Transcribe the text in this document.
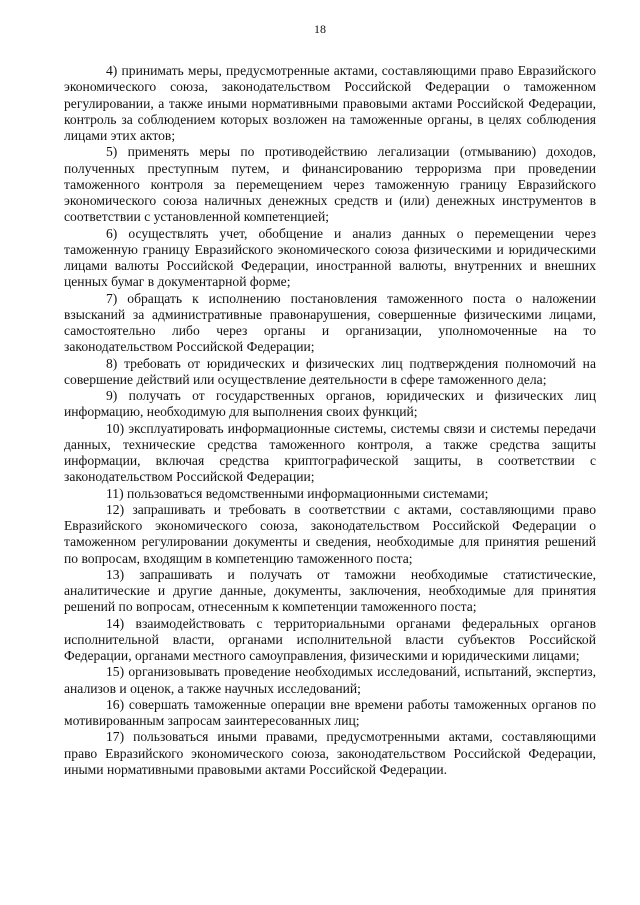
18

4) принимать меры, предусмотренные актами, составляющими право Евразийского экономического союза, законодательством Российской Федерации о таможенном регулировании, а также иными нормативными правовыми актами Российской Федерации, контроль за соблюдением которых возложен на таможенные органы, в целях соблюдения лицами этих актов;

5) применять меры по противодействию легализации (отмыванию) доходов, полученных преступным путем, и финансированию терроризма при проведении таможенного контроля за перемещением через таможенную границу Евразийского экономического союза наличных денежных средств и (или) денежных инструментов в соответствии с установленной компетенцией;

6) осуществлять учет, обобщение и анализ данных о перемещении через таможенную границу Евразийского экономического союза физическими и юридическими лицами валюты Российской Федерации, иностранной валюты, внутренних и внешних ценных бумаг в документарной форме;

7) обращать к исполнению постановления таможенного поста о наложении взысканий за административные правонарушения, совершенные физическими лицами, самостоятельно либо через органы и организации, уполномоченные на то законодательством Российской Федерации;

8) требовать от юридических и физических лиц подтверждения полномочий на совершение действий или осуществление деятельности в сфере таможенного дела;

9) получать от государственных органов, юридических и физических лиц информацию, необходимую для выполнения своих функций;

10) эксплуатировать информационные системы, системы связи и системы передачи данных, технические средства таможенного контроля, а также средства защиты информации, включая средства криптографической защиты, в соответствии с законодательством Российской Федерации;

11) пользоваться ведомственными информационными системами;

12) запрашивать и требовать в соответствии с актами, составляющими право Евразийского экономического союза, законодательством Российской Федерации о таможенном регулировании документы и сведения, необходимые для принятия решений по вопросам, входящим в компетенцию таможенного поста;

13) запрашивать и получать от таможни необходимые статистические, аналитические и другие данные, документы, заключения, необходимые для принятия решений по вопросам, отнесенным к компетенции таможенного поста;

14) взаимодействовать с территориальными органами федеральных органов исполнительной власти, органами исполнительной власти субъектов Российской Федерации, органами местного самоуправления, физическими и юридическими лицами;

15) организовывать проведение необходимых исследований, испытаний, экспертиз, анализов и оценок, а также научных исследований;

16) совершать таможенные операции вне времени работы таможенных органов по мотивированным запросам заинтересованных лиц;

17) пользоваться иными правами, предусмотренными актами, составляющими право Евразийского экономического союза, законодательством Российской Федерации, иными нормативными правовыми актами Российской Федерации.
